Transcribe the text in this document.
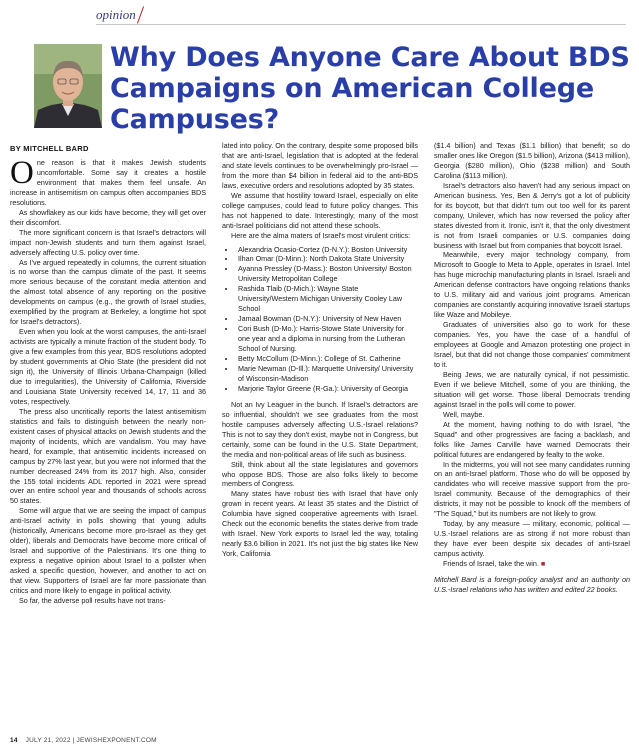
opinion
Why Does Anyone Care About BDS Campaigns on American College Campuses?
BY MITCHELL BARD

One reason is that it makes Jewish students uncomfortable. Some say it creates a hostile environment that makes them feel unsafe. An increase in antisemitism on campus often accompanies BDS resolutions.

As showflakey as our kids have become, they will get over their discomfort.

The more significant concern is that Israel's detractors will impact non-Jewish students and turn them against Israel, adversely affecting U.S. policy over time.

As I've argued repeatedly in columns, the current situation is no worse than the campus climate of the past. It seems more serious because of the constant media attention and the almost total absence of any reporting on the positive developments on campus (e.g., the growth of Israel studies, exemplified by the program at Berkeley, a longtime hot spot for Israel's detractors).

Even when you look at the worst campuses, the anti-Israel activists are typically a minute fraction of the student body. To give a few examples from this year, BDS resolutions adopted by student governments at Ohio State (the president did not sign it), the University of Illinois Urbana-Champaign (killed due to irregularities), the University of California, Riverside and Louisiana State University received 14, 17, 11 and 36 votes, respectively.

The press also uncritically reports the latest antisemitism statistics and fails to distinguish between the nearly non-existent cases of physical attacks on Jewish students and the majority of incidents, which are vandalism. You may have heard, for example, that antisemitic incidents increased on campus by 27% last year, but you were not informed that the number decreased 24% from its 2017 high. Also, consider the 155 total incidents ADL reported in 2021 were spread over an entire school year and thousands of schools across 50 states.

Some will argue that we are seeing the impact of campus anti-Israel activity in polls showing that young adults (historically, Americans become more pro-Israel as they get older), liberals and Democrats have become more critical of Israel and supportive of the Palestinians. It's one thing to express a negative opinion about Israel to a pollster when asked a specific question, however, and another to act on that view. Supporters of Israel are far more passionate than critics and more likely to engage in political activity.

So far, the adverse poll results have not trans-

lated into policy. On the contrary, despite some proposed bills that are anti-Israel, legislation that is adopted at the federal and state levels continues to be overwhelmingly pro-Israel — from the more than $4 billion in federal aid to the anti-BDS laws, executive orders and resolutions adopted by 35 states.

We assume that hostility toward Israel, especially on elite college campuses, could lead to future policy changes. This has not happened to date. Interestingly, many of the most anti-Israel politicians did not attend these schools.

Here are the alma maters of Israel's most virulent critics:

• Alexandria Ocasio-Cortez (D-N.Y.): Boston University
• Ilhan Omar (D-Minn.): North Dakota State University
• Ayanna Pressley (D-Mass.): Boston University/ Boston University Metropolitan College
• Rashida Tlaib (D-Mich.): Wayne State University/Western Michigan University Cooley Law School
• Jamaal Bowman (D-N.Y.): University of New Haven
• Cori Bush (D-Mo.): Harris-Stowe State University for one year and a diploma in nursing from the Lutheran School of Nursing.
• Betty McCollum (D-Minn.): College of St. Catherine
• Marie Newman (D-Ill.): Marquette University/ University of Wisconsin-Madison
• Marjorie Taylor Greene (R-Ga.): University of Georgia

Not an Ivy Leaguer in the bunch. If Israel's detractors are so influential, shouldn't we see graduates from the most hostile campuses adversely affecting U.S.-Israel relations? This is not to say they don't exist, maybe not in Congress, but certainly, some can be found in the U.S. State Department, the media and non-political areas of life such as business.

Still, think about all the state legislatures and governors who oppose BDS. Those are also folks likely to become members of Congress.

Many states have robust ties with Israel that have only grown in recent years. At least 35 states and the District of Columbia have signed cooperative agreements with Israel. Check out the economic benefits the states derive from trade with Israel. New York exports to Israel led the way, totaling nearly $3.6 billion in 2021. It's not just the big states like New York, California

($1.4 billion) and Texas ($1.1 billion) that benefit; so do smaller ones like Oregon ($1.5 billion), Arizona ($413 million), Georgia ($280 million), Ohio ($238 million) and South Carolina ($113 million).

Israel's detractors also haven't had any serious impact on American business. Yes, Ben & Jerry's got a lot of publicity for its boycott, but that didn't turn out too well for its parent company, Unilever, which has now reversed the policy after states divested from it. Ironic, isn't it, that the only divestment is not from Israeli companies or U.S. companies doing business with Israel but from companies that boycott Israel.

Meanwhile, every major technology company, from Microsoft to Google to Meta to Apple, operates in Israel. Intel has huge microchip manufacturing plants in Israel. Israeli and American defense contractors have ongoing relations thanks to U.S. military aid and various joint programs. American companies are constantly acquiring innovative Israeli startups like Waze and Mobileye.

Graduates of universities also go to work for these companies. Yes, you have the case of a handful of employees at Google and Amazon protesting one project in Israel, but that did not change those companies' commitment to it.

Being Jews, we are naturally cynical, if not pessimistic. Even if we believe Mitchell, some of you are thinking, the situation will get worse. Those liberal Democrats trending against Israel in the polls will come to power.

Well, maybe.

At the moment, having nothing to do with Israel, "the Squad" and other progressives are facing a backlash, and folks like James Carville have warned Democrats their political futures are endangered by fealty to the woke.

In the midterms, you will not see many candidates running on an anti-Israel platform. Those who do will be opposed by candidates who will receive massive support from the pro-Israel community. Because of the demographics of their districts, it may not be possible to knock off the members of "The Squad," but its numbers are not likely to grow.

Today, by any measure — military, economic, political — U.S.-Israel relations are as strong if not more robust than they have ever been despite six decades of anti-Israel campus activity.

Friends of Israel, take the win. ■

Mitchell Bard is a foreign-policy analyst and an authority on U.S.-Israel relations who has written and edited 22 books.

14 JULY 21, 2022 | JEWISHEXPONENT.COM
